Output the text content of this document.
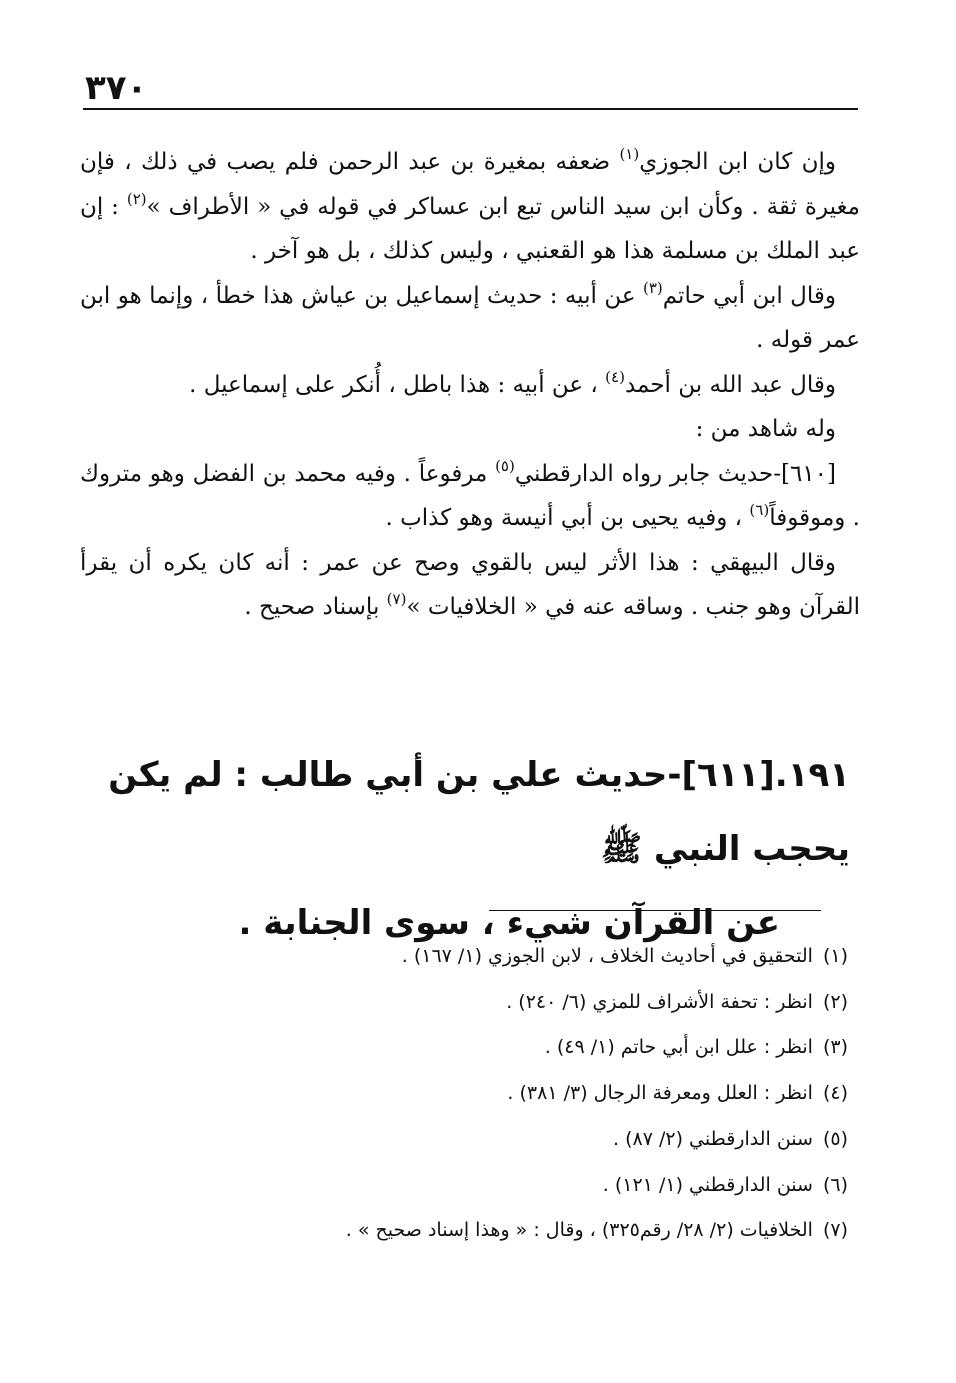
٣٧٠

وإن كان ابن الجوزي$^{(١)}$ ضعفه بمغيرة بن عبد الرحمن فلم يصب في ذلك ، فإن مغيرة ثقة . وكأن ابن سيد الناس تبع ابن عساكر في قوله في « الأطراف »$^{(٢)}$ : إن عبد الملك بن مسلمة هذا هو القعنبي ، وليس كذلك ، بل هو آخر .

وقال ابن أبي حاتم$^{(٣)}$ عن أبيه : حديث إسماعيل بن عياش هذا خطأ ، وإنما هو ابن عمر قوله .

وقال عبد الله بن أحمد$^{(٤)}$ ، عن أبيه : هذا باطل ، أُنكر على إسماعيل .

وله شاهد من :

[٦١٠]-حديث جابر رواه الدارقطني$^{(٥)}$ مرفوعاً . وفيه محمد بن الفضل وهو متروك . وموقوفاً$^{(٦)}$ ، وفيه يحيى بن أبي أنيسة وهو كذاب .

وقال البيهقي : هذا الأثر ليس بالقوي وصح عن عمر : أنه كان يكره أن يقرأ القرآن وهو جنب . وساقه عنه في « الخلافيات »$^{(٧)}$ بإسناد صحيح .

١٩١.[٦١١]-حديث علي بن أبي طالب : لم يكن يحجب النبي ﷺ
عن القرآن شيء ، سوى الجنابة .
(١)التحقيق في أحاديث الخلاف ، لابن الجوزي (١/ ١٦٧) .
(٢)انظر : تحفة الأشراف للمزي (٦/ ٢٤٠) .
(٣)انظر : علل ابن أبي حاتم (١/ ٤٩) .
(٤)انظر : العلل ومعرفة الرجال (٣/ ٣٨١) .
(٥)سنن الدارقطني (٢/ ٨٧) .
(٦)سنن الدارقطني (١/ ١٢١) .
(٧)الخلافيات (٢/ ٢٨/ رقم٣٢٥) ، وقال : « وهذا إسناد صحيح » .
